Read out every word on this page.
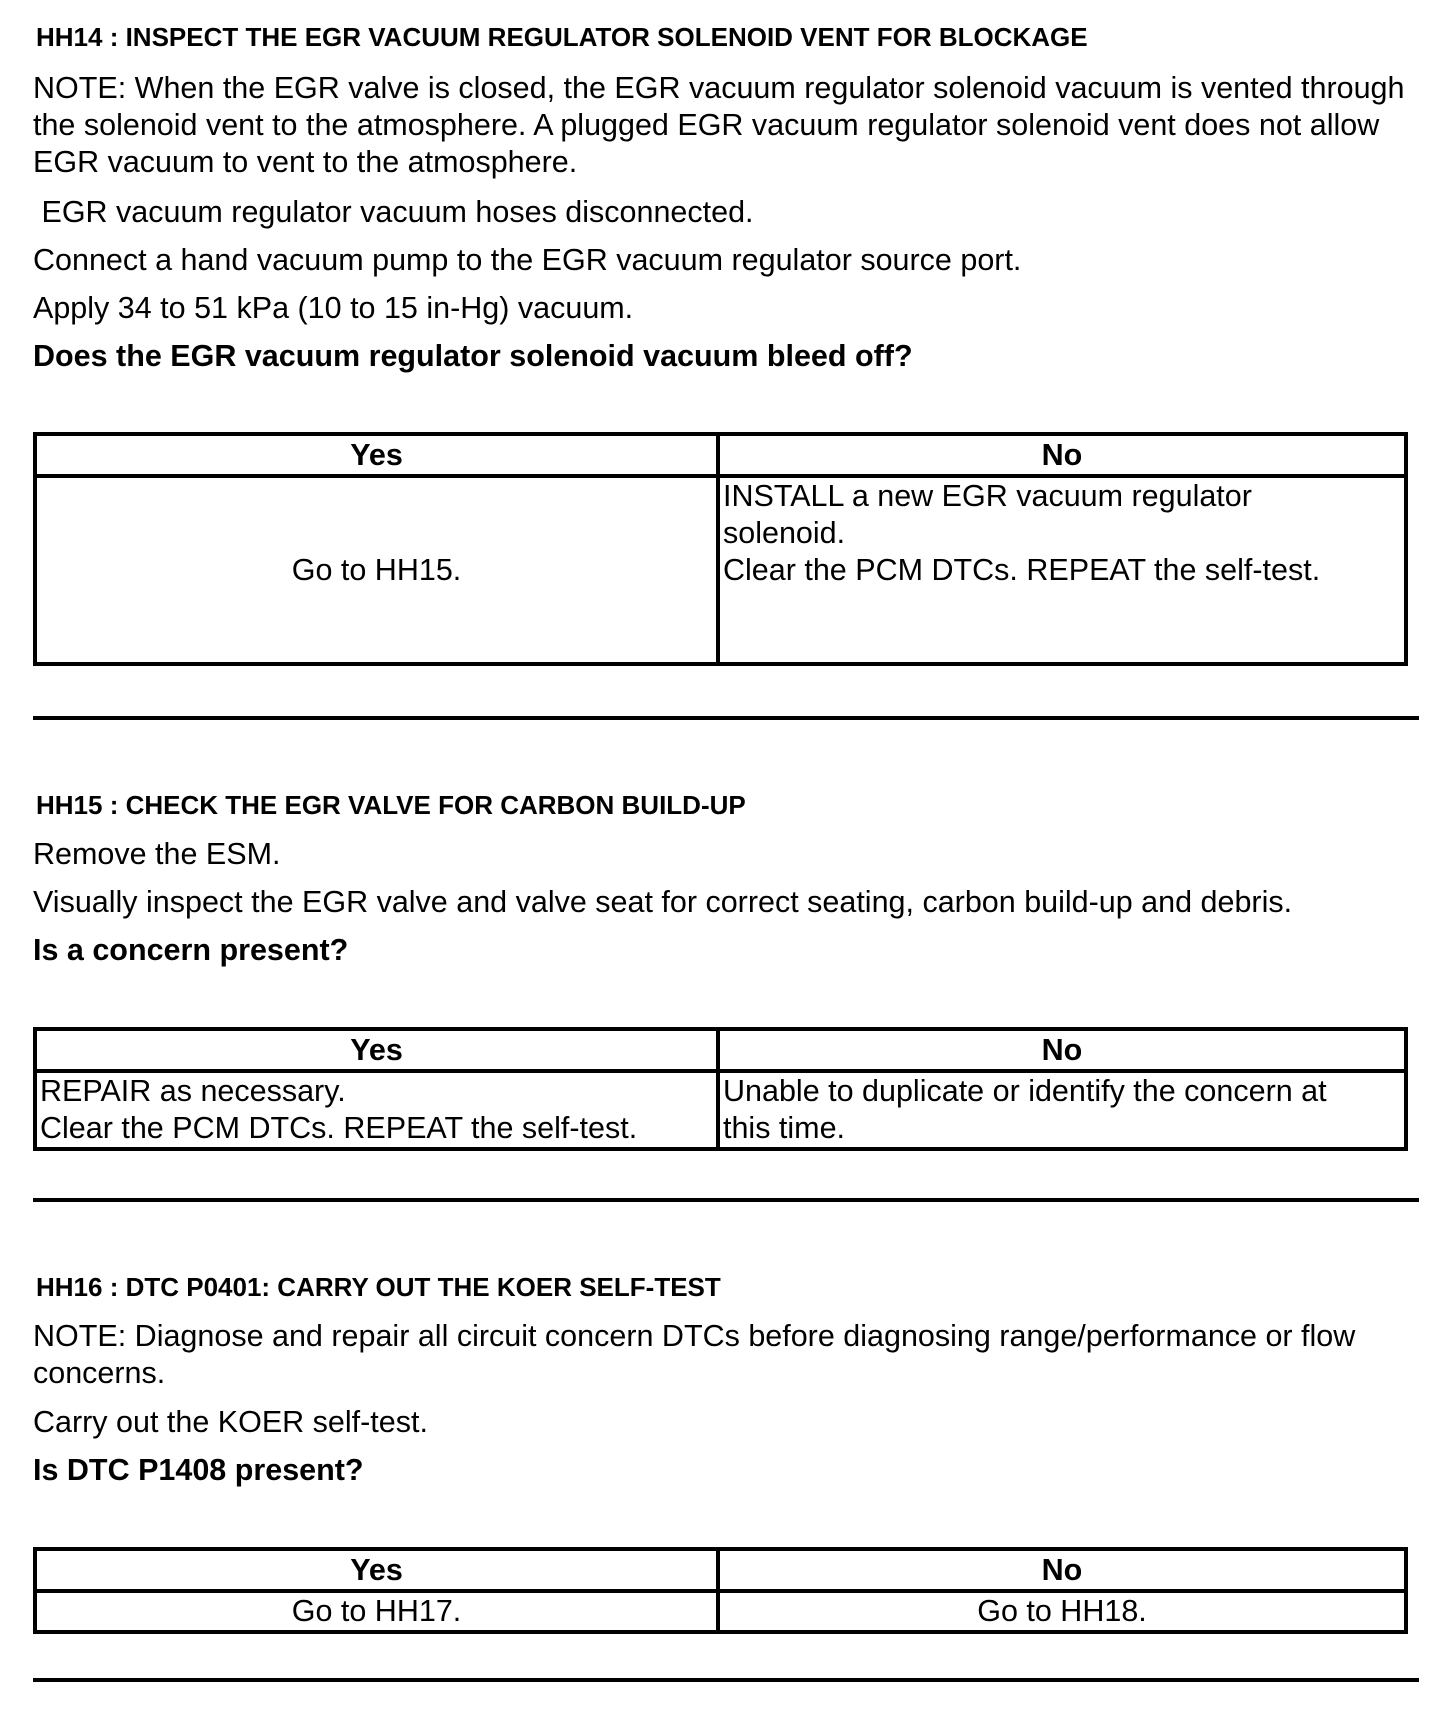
HH14 : INSPECT THE EGR VACUUM REGULATOR SOLENOID VENT FOR BLOCKAGE

NOTE: When the EGR valve is closed, the EGR vacuum regulator solenoid vacuum is vented through the solenoid vent to the atmosphere. A plugged EGR vacuum regulator solenoid vent does not allow EGR vacuum to vent to the atmosphere.

EGR vacuum regulator vacuum hoses disconnected.

Connect a hand vacuum pump to the EGR vacuum regulator source port.

Apply 34 to 51 kPa (10 to 15 in-Hg) vacuum.

Does the EGR vacuum regulator solenoid vacuum bleed off?
Yes	No

Go to HH15.	INSTALL a new EGR vacuum regulator
solenoid.
Clear the PCM DTCs. REPEAT the self-test.
HH15 : CHECK THE EGR VALVE FOR CARBON BUILD-UP

Remove the ESM.

Visually inspect the EGR valve and valve seat for correct seating, carbon build-up and debris.

Is a concern present?
Yes	No

REPAIR as necessary.
Clear the PCM DTCs. REPEAT the self-test.	Unable to duplicate or identify the concern at
this time.
HH16 : DTC P0401: CARRY OUT THE KOER SELF-TEST

NOTE: Diagnose and repair all circuit concern DTCs before diagnosing range/performance or flow concerns.

Carry out the KOER self-test.

Is DTC P1408 present?
Yes	No

Go to HH17.	Go to HH18.
